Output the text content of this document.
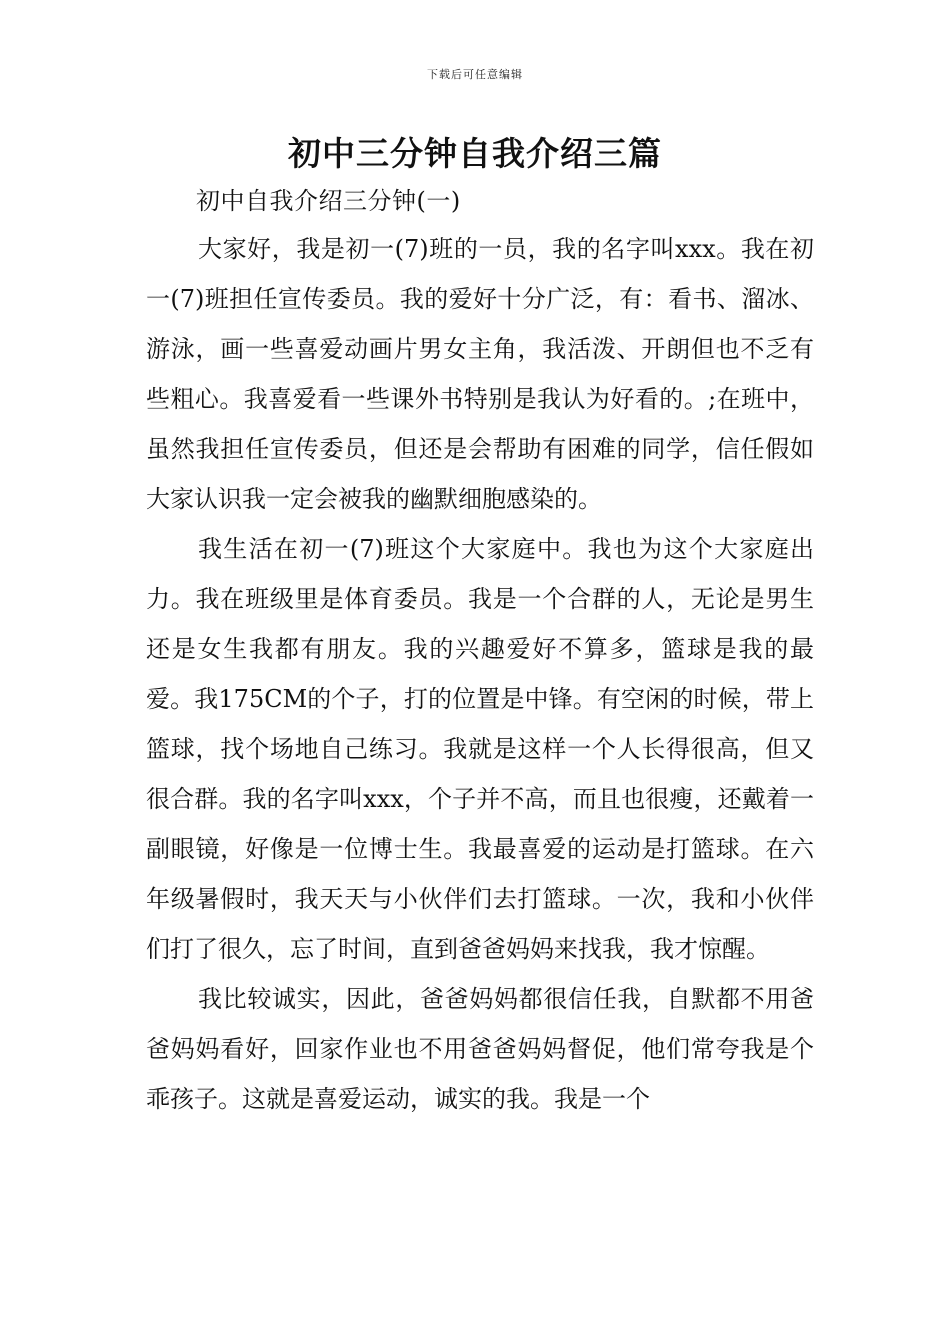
下载后可任意编辑
初中三分钟自我介绍三篇
初中自我介绍三分钟(一)

大家好，我是初一(7)班的一员，我的名字叫xxx。我在初一(7)班担任宣传委员。我的爱好十分广泛，有：看书、溜冰、游泳，画一些喜爱动画片男女主角，我活泼、开朗但也不乏有些粗心。我喜爱看一些课外书特别是我认为好看的。;在班中，虽然我担任宣传委员，但还是会帮助有困难的同学，信任假如大家认识我一定会被我的幽默细胞感染的。

我生活在初一(7)班这个大家庭中。我也为这个大家庭出力。我在班级里是体育委员。我是一个合群的人，无论是男生还是女生我都有朋友。我的兴趣爱好不算多，篮球是我的最爱。我175CM的个子，打的位置是中锋。有空闲的时候，带上篮球，找个场地自己练习。我就是这样一个人长得很高，但又很合群。我的名字叫xxx，个子并不高，而且也很瘦，还戴着一副眼镜，好像是一位博士生。我最喜爱的运动是打篮球。在六年级暑假时，我天天与小伙伴们去打篮球。一次，我和小伙伴们打了很久，忘了时间，直到爸爸妈妈来找我，我才惊醒。

我比较诚实，因此，爸爸妈妈都很信任我，自默都不用爸爸妈妈看好，回家作业也不用爸爸妈妈督促，他们常夸我是个乖孩子。这就是喜爱运动，诚实的我。我是一个
